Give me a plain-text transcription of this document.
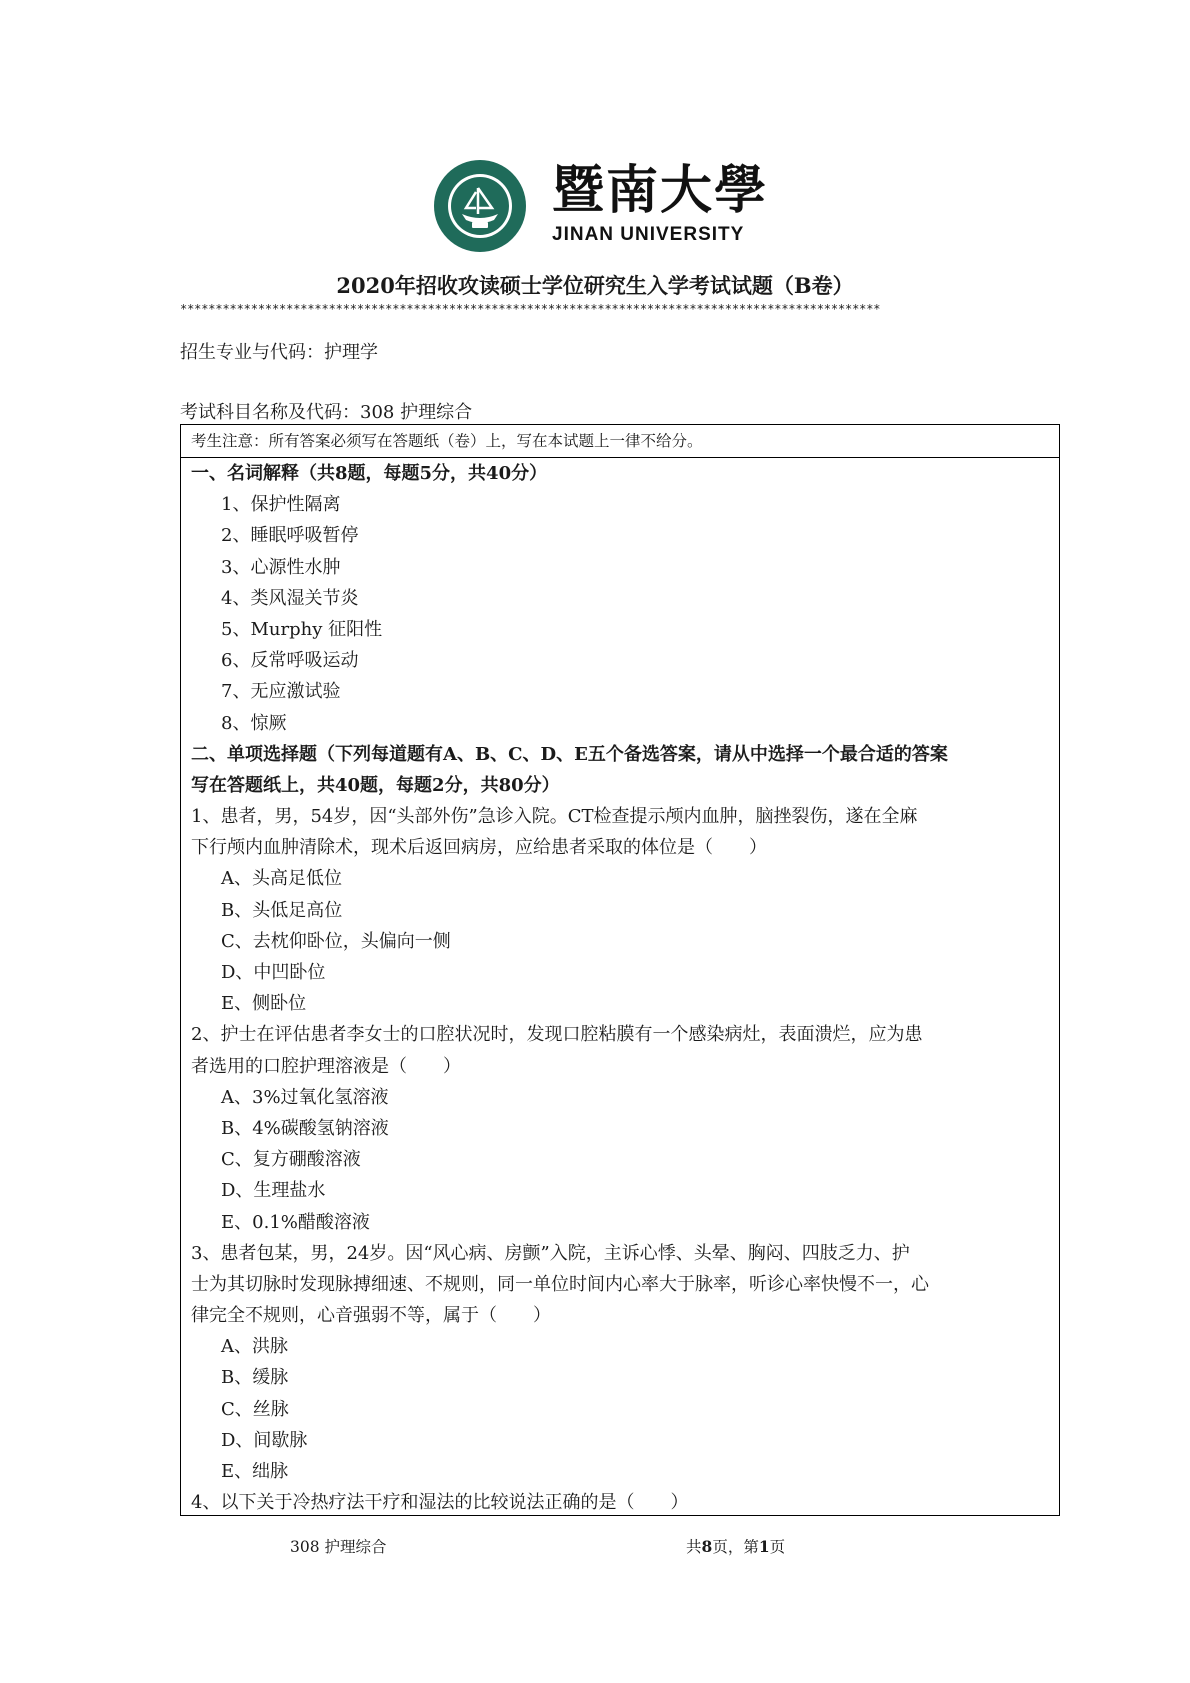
暨南大學
JINAN UNIVERSITY
2020年招收攻读硕士学位研究生入学考试试题（B卷）
***************************************************************************************************
招生专业与代码：护理学
考试科目名称及代码：308 护理综合
考生注意：所有答案必须写在答题纸（卷）上，写在本试题上一律不给分。
一、名词解释（共8题，每题5分，共40分）
1、保护性隔离
2、睡眠呼吸暂停
3、心源性水肿
4、类风湿关节炎
5、Murphy 征阳性
6、反常呼吸运动
7、无应激试验
8、惊厥
二、单项选择题（下列每道题有A、B、C、D、E五个备选答案，请从中选择一个最合适的答案
写在答题纸上，共40题，每题2分，共80分）
1、患者，男，54岁，因“头部外伤”急诊入院。CT检查提示颅内血肿，脑挫裂伤，遂在全麻
下行颅内血肿清除术，现术后返回病房，应给患者采取的体位是（　　）
A、头高足低位
B、头低足高位
C、去枕仰卧位，头偏向一侧
D、中凹卧位
E、侧卧位
2、护士在评估患者李女士的口腔状况时，发现口腔粘膜有一个感染病灶，表面溃烂，应为患
者选用的口腔护理溶液是（　　）
A、3%过氧化氢溶液
B、4%碳酸氢钠溶液
C、复方硼酸溶液
D、生理盐水
E、0.1%醋酸溶液
3、患者包某，男，24岁。因“风心病、房颤”入院，主诉心悸、头晕、胸闷、四肢乏力、护
士为其切脉时发现脉搏细速、不规则，同一单位时间内心率大于脉率，听诊心率快慢不一，心
律完全不规则，心音强弱不等，属于（　　）
A、洪脉
B、缓脉
C、丝脉
D、间歇脉
E、绌脉
4、以下关于冷热疗法干疗和湿法的比较说法正确的是（　　）
308 护理综合	共8页，第1页
